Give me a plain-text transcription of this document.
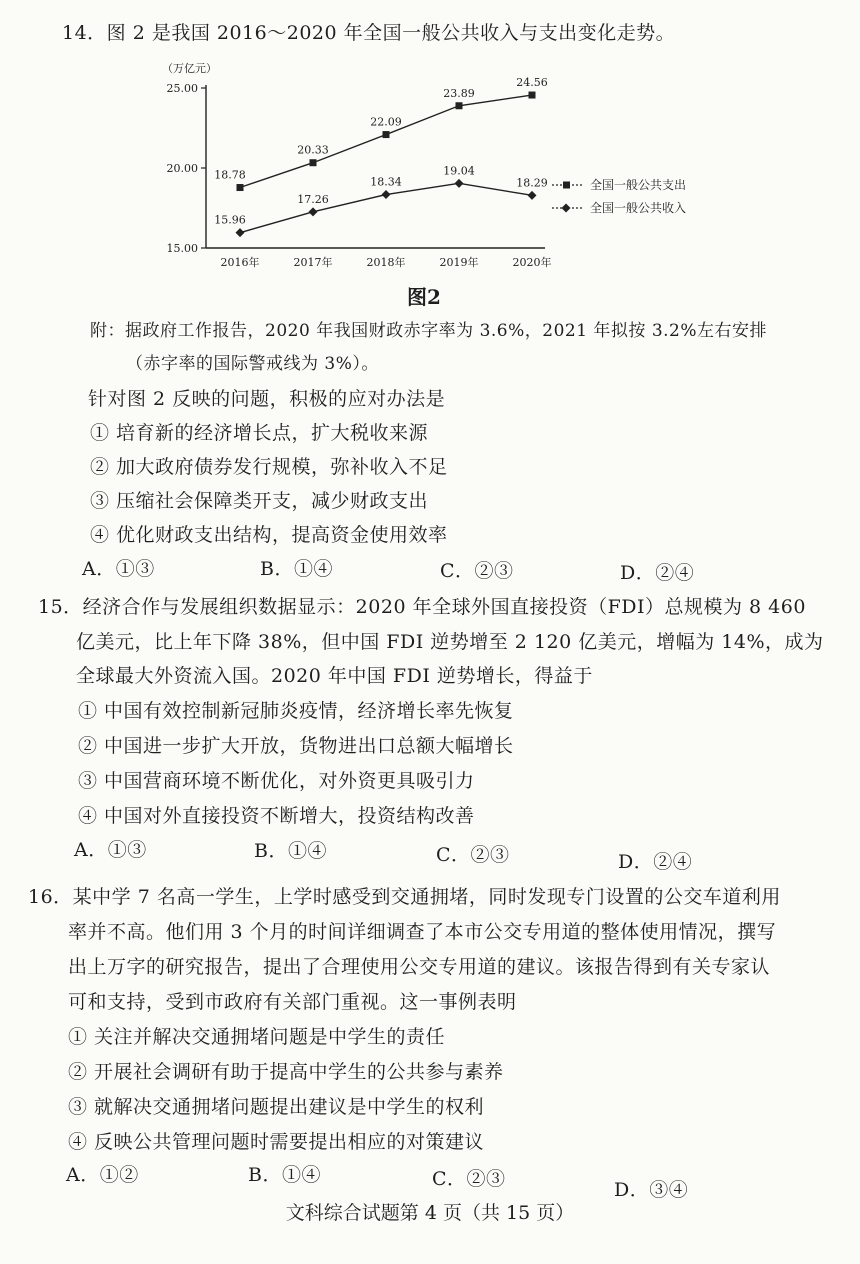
14．图 2 是我国 2016～2020 年全国一般公共收入与支出变化走势。
（万亿元）
25.00
20.00
15.00
2016年	2017年	2018年	2019年	2020年
18.78
20.33
22.09
23.89
24.56
15.96
17.26
18.34
19.04
18.29	全国一般公共支出
全国一般公共收入
图2
附：据政府工作报告，2020 年我国财政赤字率为 3.6%，2021 年拟按 3.2%左右安排
（赤字率的国际警戒线为 3%）。
针对图 2 反映的问题，积极的应对办法是
① 培育新的经济增长点，扩大税收来源
② 加大政府债券发行规模，弥补收入不足
③ 压缩社会保障类开支，减少财政支出
④ 优化财政支出结构，提高资金使用效率
A．①③	B．①④	C．②③	D．②④
15．经济合作与发展组织数据显示：2020 年全球外国直接投资（FDI）总规模为 8 460
亿美元，比上年下降 38%，但中国 FDI 逆势增至 2 120 亿美元，增幅为 14%，成为
全球最大外资流入国。2020 年中国 FDI 逆势增长，得益于
① 中国有效控制新冠肺炎疫情，经济增长率先恢复
② 中国进一步扩大开放，货物进出口总额大幅增长
③ 中国营商环境不断优化，对外资更具吸引力
④ 中国对外直接投资不断增大，投资结构改善
A．①③	B．①④	C．②③	D．②④
16．某中学 7 名高一学生，上学时感受到交通拥堵，同时发现专门设置的公交车道利用
率并不高。他们用 3 个月的时间详细调查了本市公交专用道的整体使用情况，撰写
出上万字的研究报告，提出了合理使用公交专用道的建议。该报告得到有关专家认
可和支持，受到市政府有关部门重视。这一事例表明
① 关注并解决交通拥堵问题是中学生的责任
② 开展社会调研有助于提高中学生的公共参与素养
③ 就解决交通拥堵问题提出建议是中学生的权利
④ 反映公共管理问题时需要提出相应的对策建议
A．①②	B．①④	C．②③	D．③④
文科综合试题第 4 页（共 15 页）
